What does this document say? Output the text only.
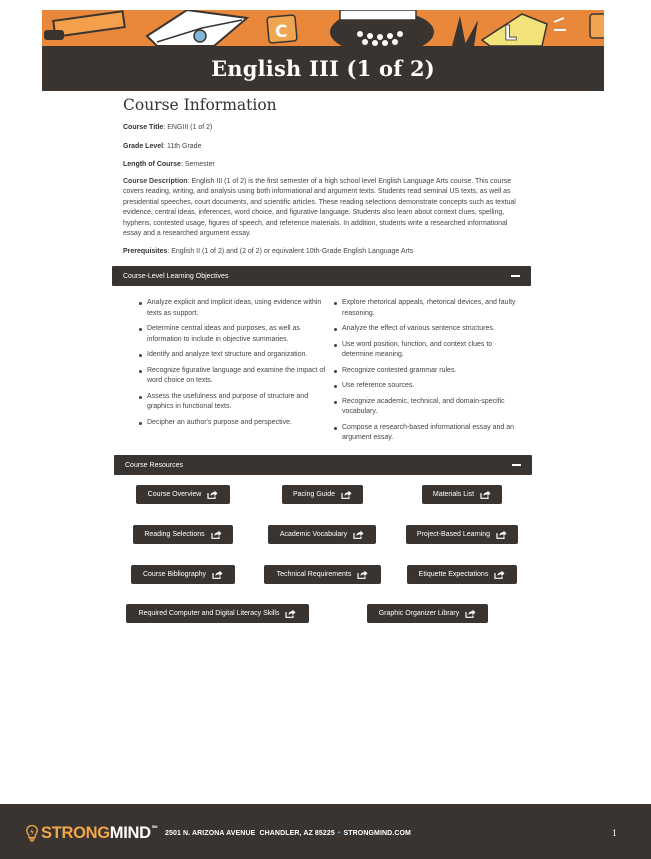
C	L
English III (1 of 2)
Course Information
Course Title: ENGIII (1 of 2)
Grade Level: 11th Grade
Length of Course: Semester
Course Description: English III (1 of 2) is the first semester of a high school level English Language Arts course. This course covers reading, writing, and analysis using both informational and argument texts. Students read seminal US texts, as well as presidential speeches, court documents, and scientific articles. These reading selections demonstrate concepts such as textual evidence, central ideas, inferences, word choice, and figurative language. Students also learn about context clues, spelling, hyphens, contested usage, figures of speech, and reference materials. In addition, students write a researched informational essay and a researched argument essay.
Prerequisites: English II (1 of 2) and (2 of 2) or equivalent 10th-Grade English Language Arts
Course-Level Learning Objectives
Analyze explicit and implicit ideas, using evidence within texts as support.
Determine central ideas and purposes, as well as information to include in objective summaries.
Identify and analyze text structure and organization.
Recognize figurative language and examine the impact of word choice on texts.
Assess the usefulness and purpose of structure and graphics in functional texts.
Decipher an author's purpose and perspective.
Explore rhetorical appeals, rhetorical devices, and faulty reasoning.
Analyze the effect of various sentence structures.
Use word position, function, and context clues to determine meaning.
Recognize contested grammar rules.
Use reference sources.
Recognize academic, technical, and domain-specific vocabulary.
Compose a research-based informational essay and an argument essay.
Course Resources
Course Overview	Pacing Guide	Materials List
Reading Selections	Academic Vocabulary	Project-Based Learning
Course Bibliography	Technical Requirements	Etiquette Expectations
Required Computer and Digital Literacy Skills	Graphic Organizer Library
STRONGMIND℠
2501 N. ARIZONA AVENUE  CHANDLER, AZ 85225 • STRONGMIND.COM	1
